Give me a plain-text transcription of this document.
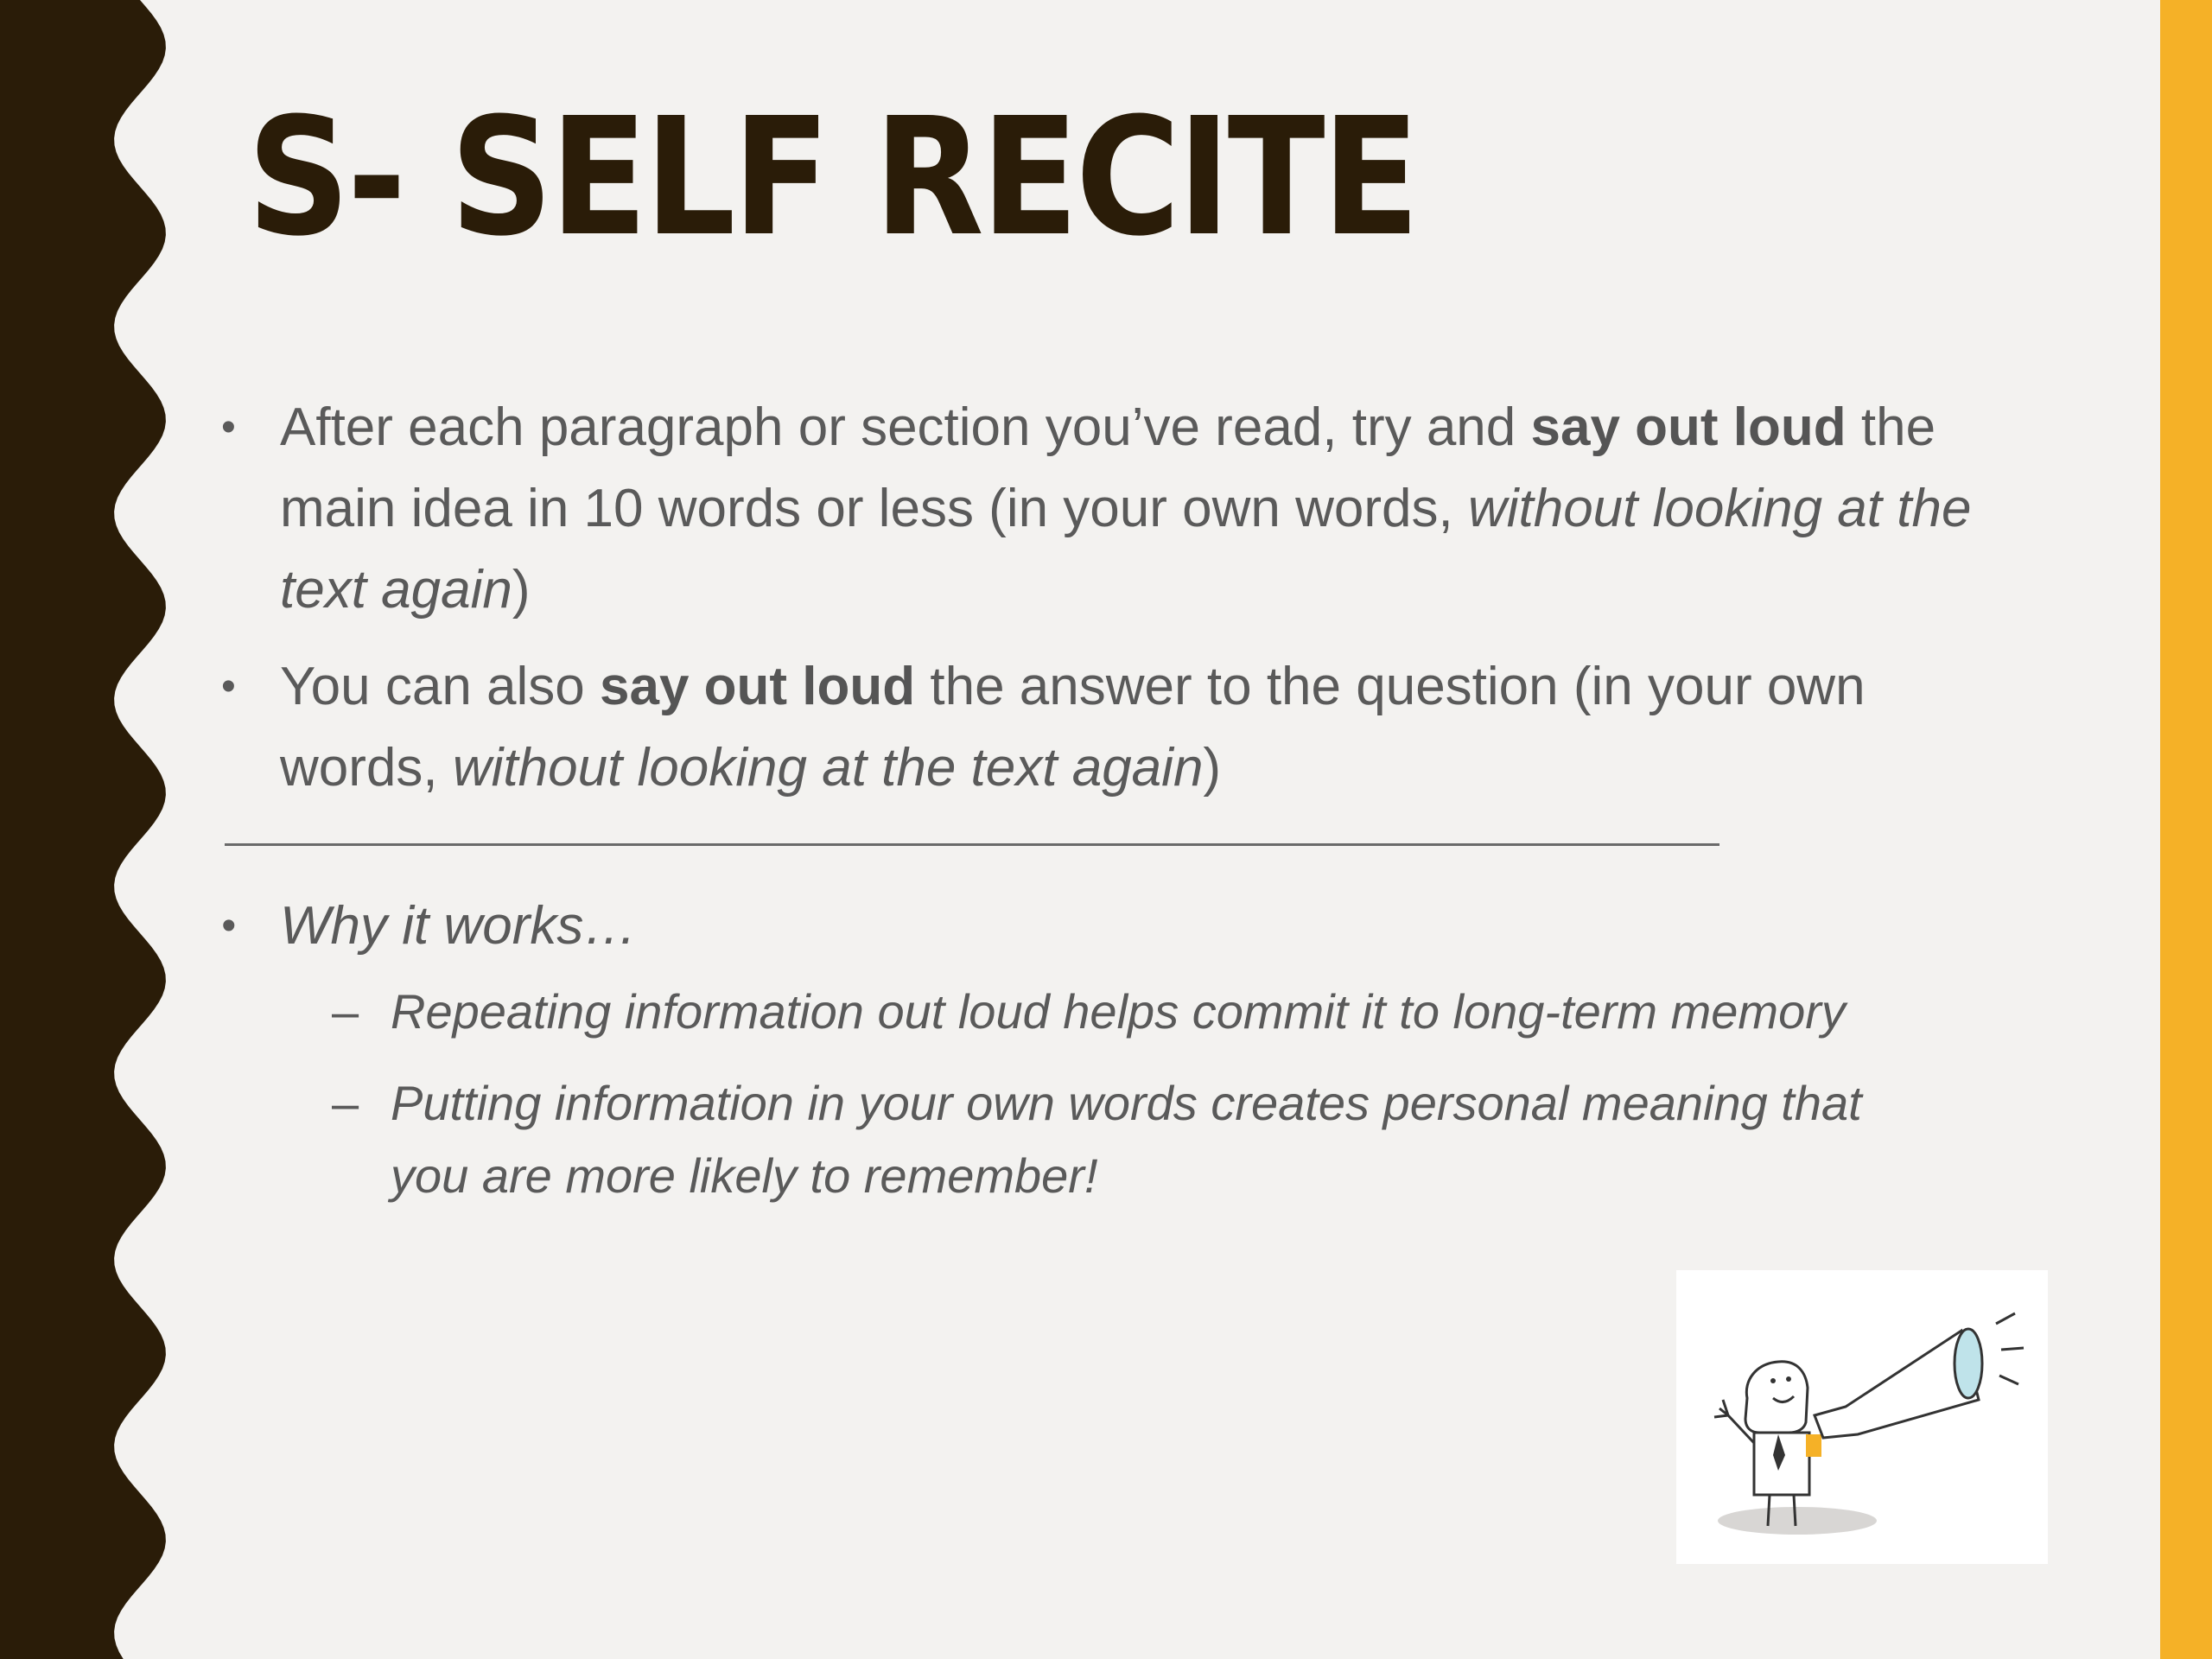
S- SELF RECITE
• After each paragraph or section you’ve read, try and say out loud the main idea in 10 words or less (in your own words, without looking at the text again)
• You can also say out loud the answer to the question (in your own words, without looking at the text again)
• Why it works…
– Repeating information out loud helps commit it to long-term memory
– Putting information in your own words creates personal meaning that you are more likely to remember!
